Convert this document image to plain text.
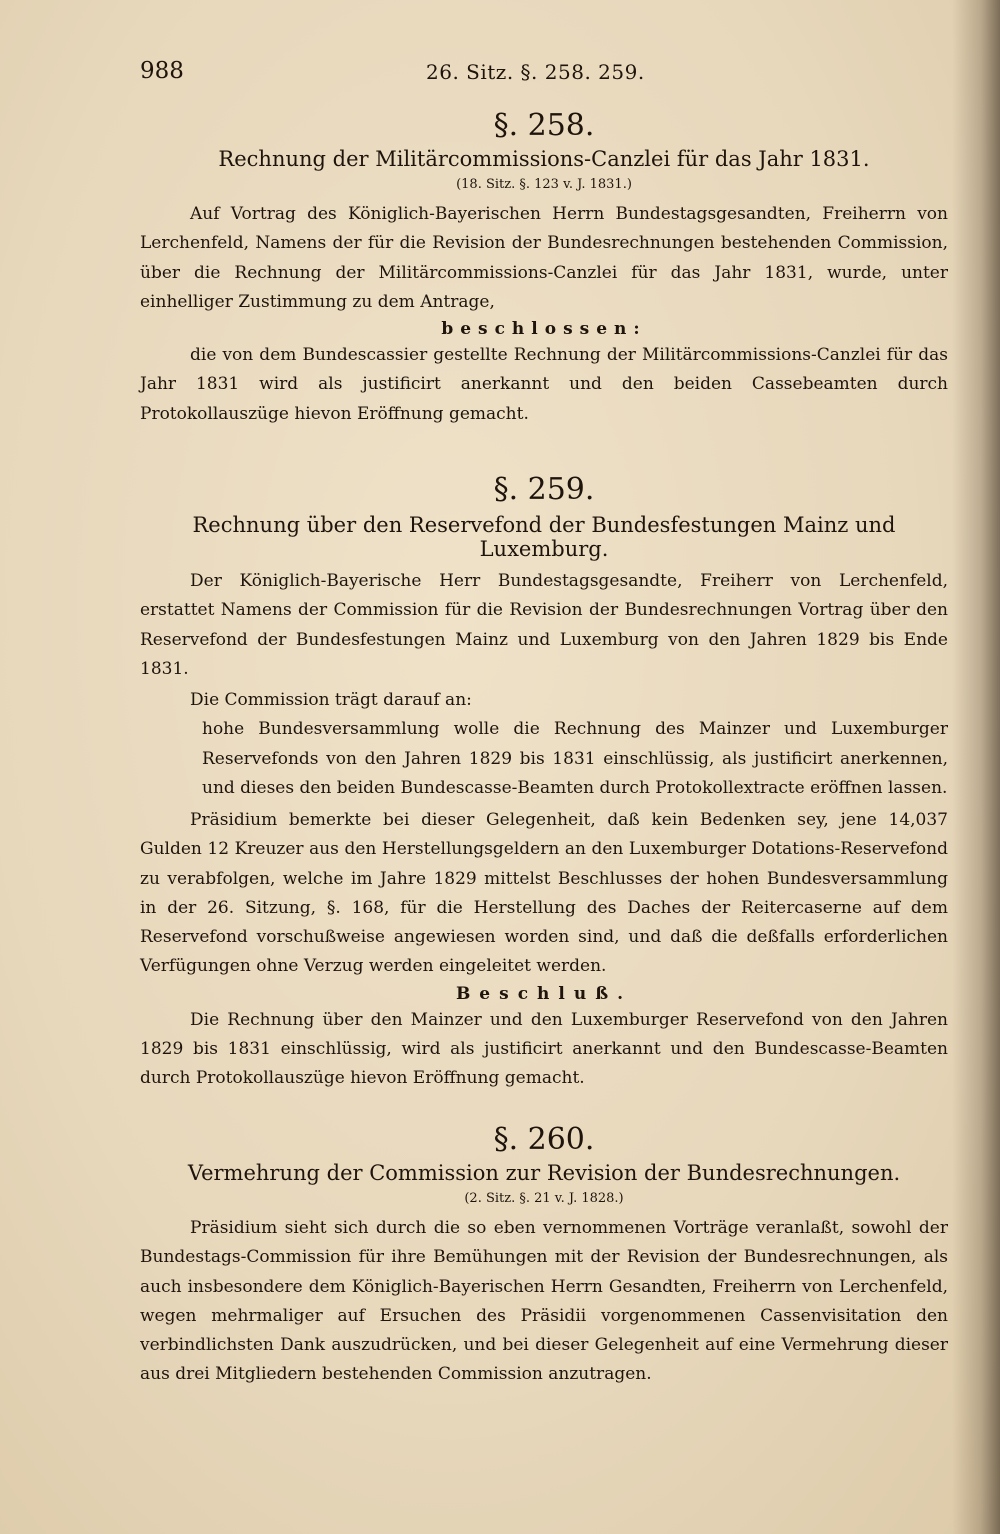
988	26. Sitz. §. 258. 259.
§. 258.
Rechnung der Militärcommissions-Canzlei für das Jahr 1831.
(18. Sitz. §. 123 v. J. 1831.)
Auf Vortrag des Königlich-Bayerischen Herrn Bundestagsgesandten, Freiherrn von Lerchenfeld, Namens der für die Revision der Bundesrechnungen bestehenden Commission, über die Rechnung der Militärcommissions-Canzlei für das Jahr 1831, wurde, unter einhelliger Zustimmung zu dem Antrage,
beschlossen:
die von dem Bundescassier gestellte Rechnung der Militärcommissions-Canzlei für das Jahr 1831 wird als justificirt anerkannt und den beiden Cassebeamten durch Protokollauszüge hievon Eröffnung gemacht.
§. 259.
Rechnung über den Reservefond der Bundesfestungen Mainz und Luxemburg.
Der Königlich-Bayerische Herr Bundestagsgesandte, Freiherr von Lerchenfeld, erstattet Namens der Commission für die Revision der Bundesrechnungen Vortrag über den Reservefond der Bundesfestungen Mainz und Luxemburg von den Jahren 1829 bis Ende 1831.
Die Commission trägt darauf an:
hohe Bundesversammlung wolle die Rechnung des Mainzer und Luxemburger Reservefonds von den Jahren 1829 bis 1831 einschlüssig, als justificirt anerkennen, und dieses den beiden Bundescasse-Beamten durch Protokollextracte eröffnen lassen.
Präsidium bemerkte bei dieser Gelegenheit, daß kein Bedenken sey, jene 14,037 Gulden 12 Kreuzer aus den Herstellungsgeldern an den Luxemburger Dotations-Reservefond zu verabfolgen, welche im Jahre 1829 mittelst Beschlusses der hohen Bundesversammlung in der 26. Sitzung, §. 168, für die Herstellung des Daches der Reitercaserne auf dem Reservefond vorschußweise angewiesen worden sind, und daß die deßfalls erforderlichen Verfügungen ohne Verzug werden eingeleitet werden.
Beschluß.
Die Rechnung über den Mainzer und den Luxemburger Reservefond von den Jahren 1829 bis 1831 einschlüssig, wird als justificirt anerkannt und den Bundescasse-Beamten durch Protokollauszüge hievon Eröffnung gemacht.
§. 260.
Vermehrung der Commission zur Revision der Bundesrechnungen.
(2. Sitz. §. 21 v. J. 1828.)
Präsidium sieht sich durch die so eben vernommenen Vorträge veranlaßt, sowohl der Bundestags-Commission für ihre Bemühungen mit der Revision der Bundesrechnungen, als auch insbesondere dem Königlich-Bayerischen Herrn Gesandten, Freiherrn von Lerchenfeld, wegen mehrmaliger auf Ersuchen des Präsidii vorgenommenen Cassenvisitation den verbindlichsten Dank auszudrücken, und bei dieser Gelegenheit auf eine Vermehrung dieser aus drei Mitgliedern bestehenden Commission anzutragen.
